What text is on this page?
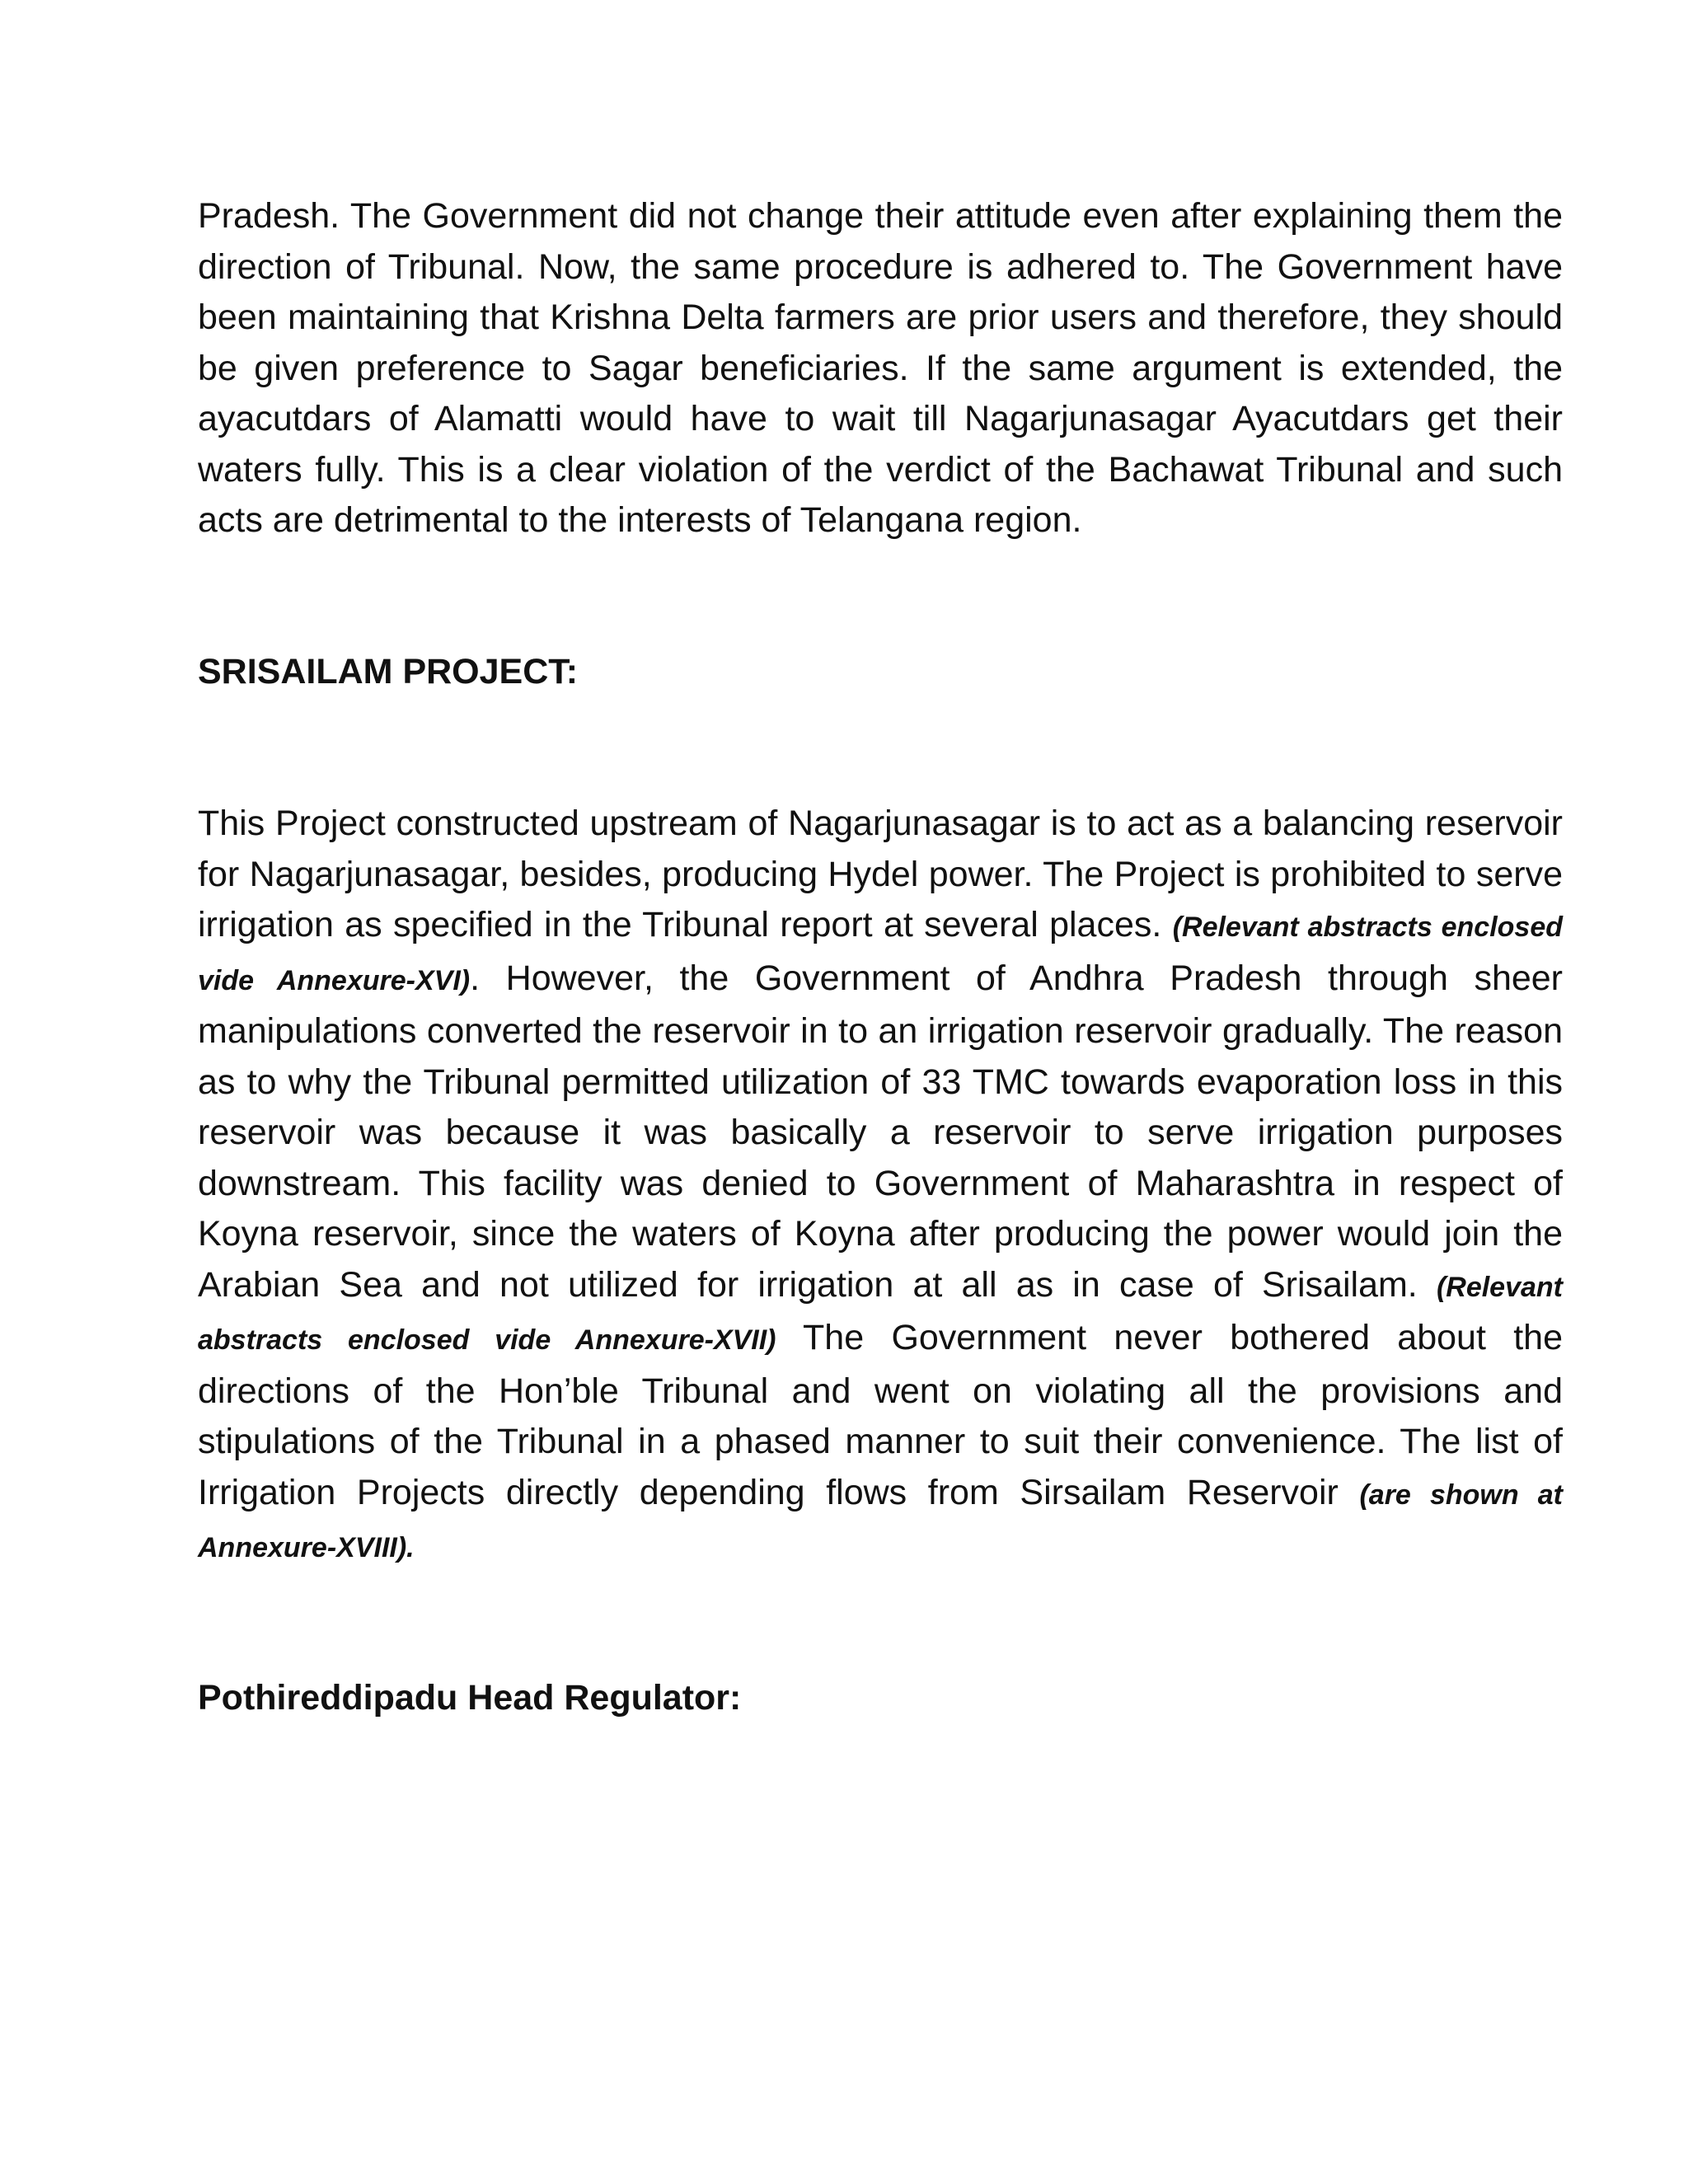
Pradesh. The Government did not change their attitude even after explaining them the direction of Tribunal. Now, the same procedure is adhered to. The Government have been maintaining that Krishna Delta farmers are prior users and therefore, they should be given preference to Sagar beneficiaries. If the same argument is extended, the ayacutdars of Alamatti would have to wait till Nagarjunasagar Ayacutdars get their waters fully. This is a clear violation of the verdict of the Bachawat Tribunal and such acts are detrimental to the interests of Telangana region.

SRISAILAM PROJECT:

This Project constructed upstream of Nagarjunasagar is to act as a balancing reservoir for Nagarjunasagar, besides, producing Hydel power. The Project is prohibited to serve irrigation as specified in the Tribunal report at several places. (Relevant abstracts enclosed vide Annexure-XVI). However, the Government of Andhra Pradesh through sheer manipulations converted the reservoir in to an irrigation reservoir gradually. The reason as to why the Tribunal permitted utilization of 33 TMC towards evaporation loss in this reservoir was because it was basically a reservoir to serve irrigation purposes downstream. This facility was denied to Government of Maharashtra in respect of Koyna reservoir, since the waters of Koyna after producing the power would join the Arabian Sea and not utilized for irrigation at all as in case of Srisailam. (Relevant abstracts enclosed vide Annexure-XVII) The Government never bothered about the directions of the Hon’ble Tribunal and went on violating all the provisions and stipulations of the Tribunal in a phased manner to suit their convenience. The list of Irrigation Projects directly depending flows from Sirsailam Reservoir (are shown at Annexure-XVIII).

Pothireddipadu Head Regulator:
